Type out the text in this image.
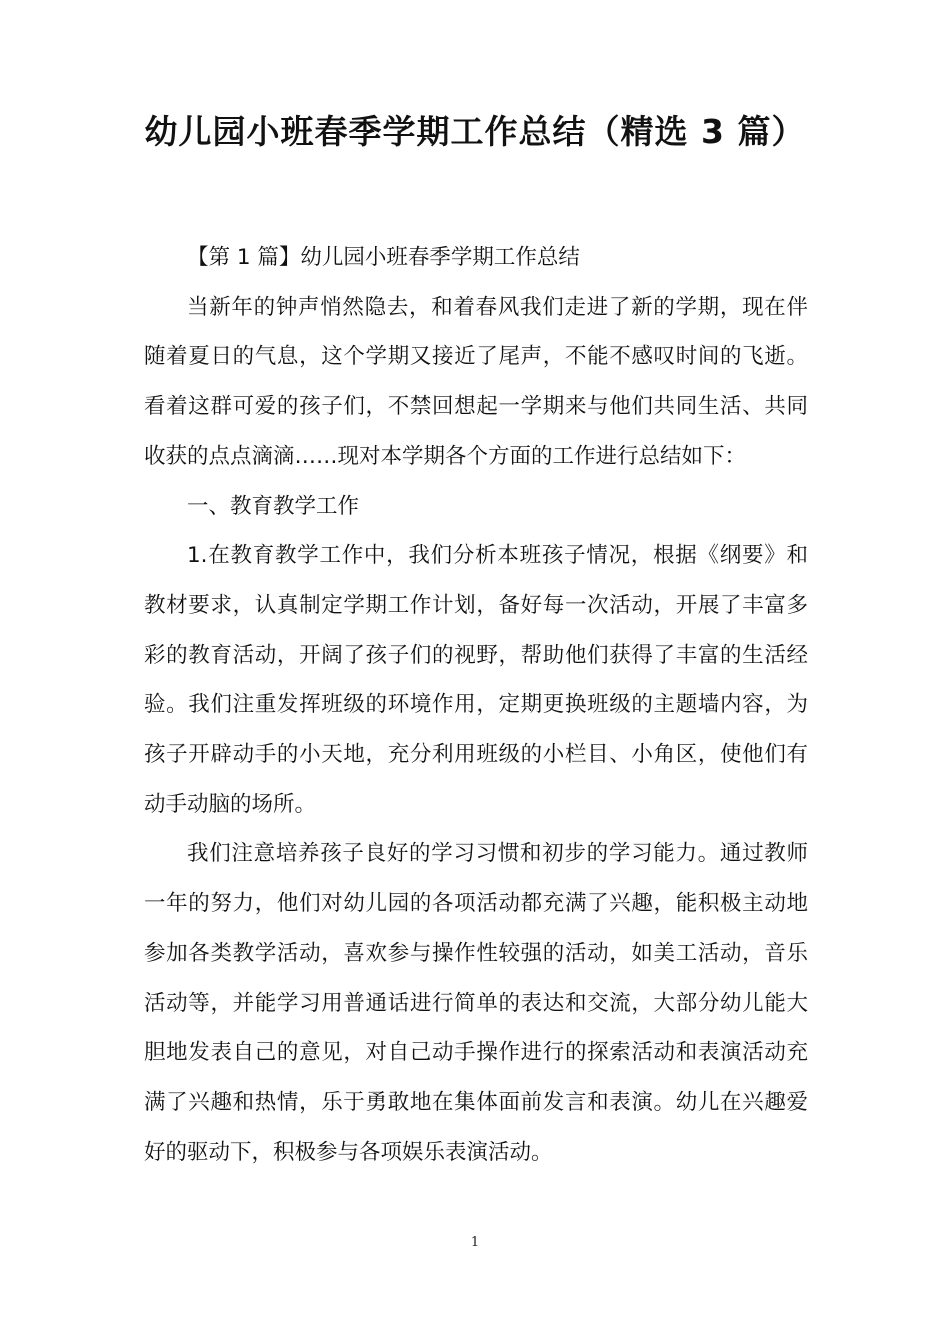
幼儿园小班春季学期工作总结（精选 3 篇）

【第 1 篇】幼儿园小班春季学期工作总结

当新年的钟声悄然隐去，和着春风我们走进了新的学期，现在伴随着夏日的气息，这个学期又接近了尾声，不能不感叹时间的飞逝。看着这群可爱的孩子们，不禁回想起一学期来与他们共同生活、共同收获的点点滴滴……现对本学期各个方面的工作进行总结如下：

一、教育教学工作

1.在教育教学工作中，我们分析本班孩子情况，根据《纲要》和教材要求，认真制定学期工作计划，备好每一次活动，开展了丰富多彩的教育活动，开阔了孩子们的视野，帮助他们获得了丰富的生活经验。我们注重发挥班级的环境作用，定期更换班级的主题墙内容，为孩子开辟动手的小天地，充分利用班级的小栏目、小角区，使他们有动手动脑的场所。

我们注意培养孩子良好的学习习惯和初步的学习能力。通过教师一年的努力，他们对幼儿园的各项活动都充满了兴趣，能积极主动地参加各类教学活动，喜欢参与操作性较强的活动，如美工活动，音乐活动等，并能学习用普通话进行简单的表达和交流，大部分幼儿能大胆地发表自己的意见，对自己动手操作进行的探索活动和表演活动充满了兴趣和热情，乐于勇敢地在集体面前发言和表演。幼儿在兴趣爱好的驱动下，积极参与各项娱乐表演活动。

1
